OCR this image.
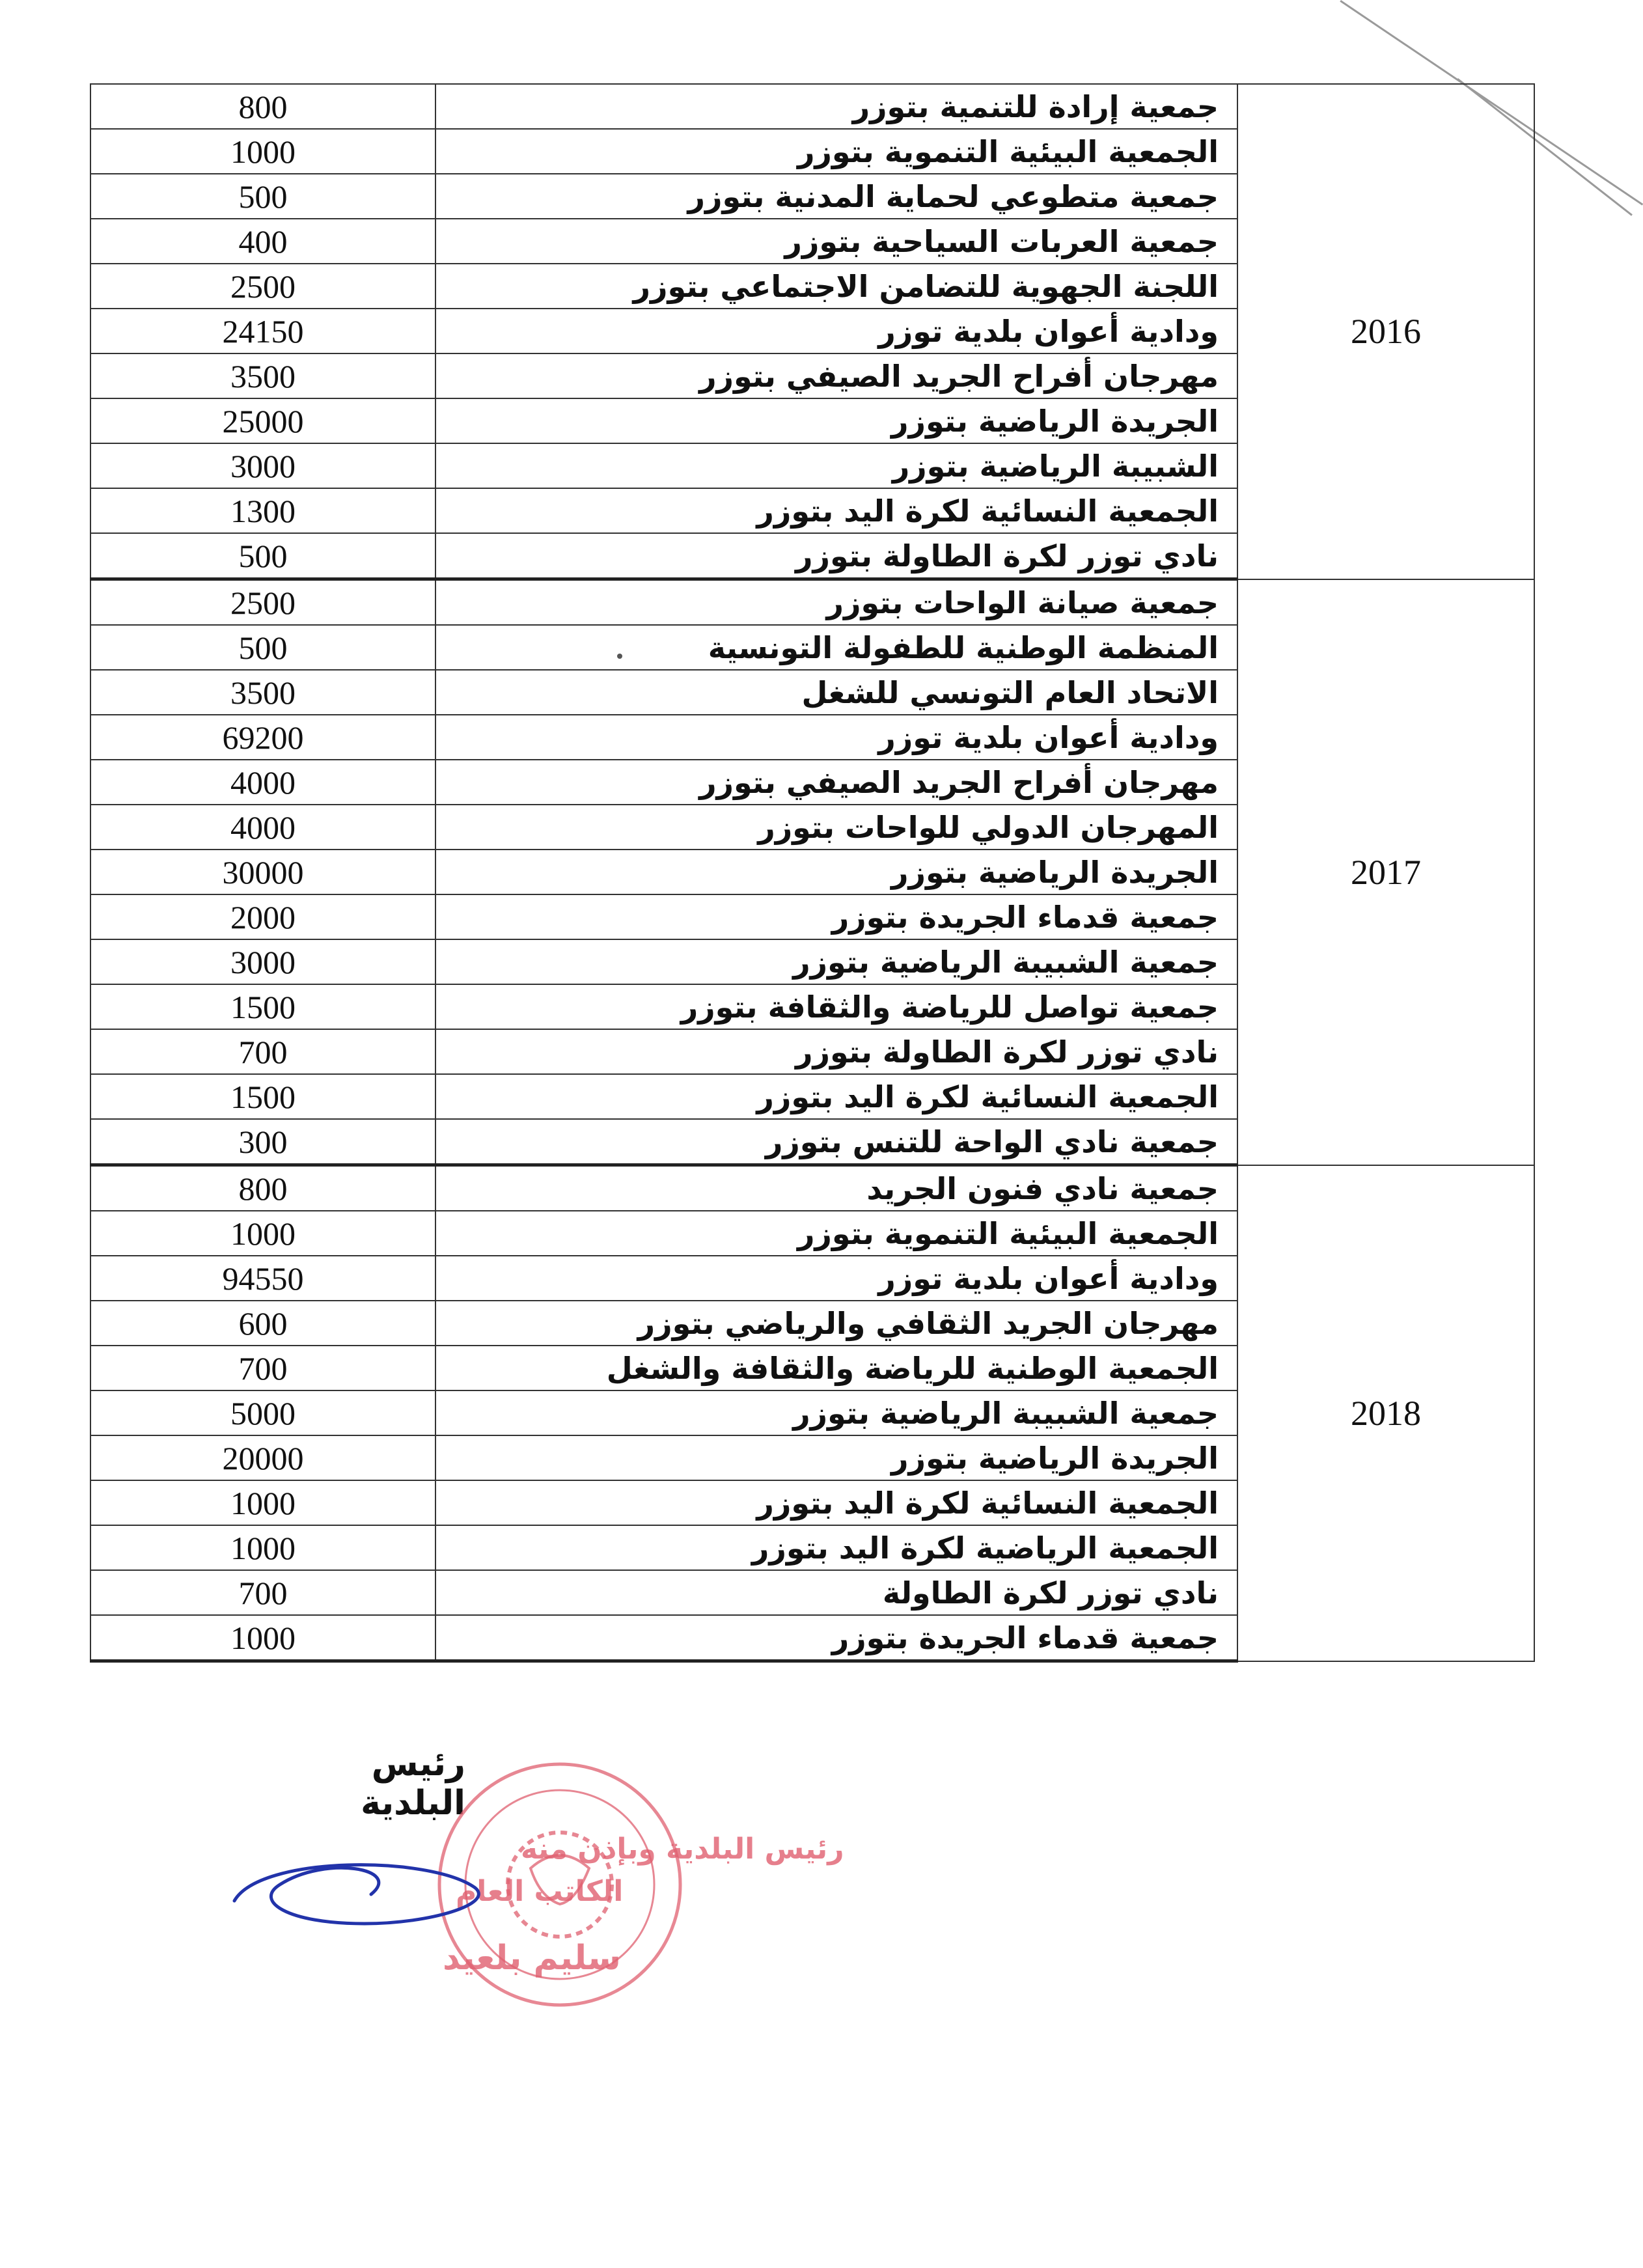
800	جمعية إرادة للتنمية بتوزر	2016
1000	الجمعية البيئية التنموية بتوزر	
500	جمعية متطوعي لحماية المدنية بتوزر	
400	جمعية العربات السياحية بتوزر	
2500	اللجنة الجهوية للتضامن الاجتماعي بتوزر	
24150	ودادية أعوان بلدية توزر	
3500	مهرجان أفراح الجريد الصيفي بتوزر	
25000	الجريدة الرياضية بتوزر	
3000	الشبيبة الرياضية بتوزر	
1300	الجمعية النسائية لكرة اليد بتوزر	
500	نادي توزر لكرة الطاولة بتوزر	
2500	جمعية صيانة الواحات بتوزر	2017
500	المنظمة الوطنية للطفولة التونسية	
3500	الاتحاد العام التونسي للشغل	
69200	ودادية أعوان بلدية توزر	
4000	مهرجان أفراح الجريد الصيفي بتوزر	
4000	المهرجان الدولي للواحات بتوزر	
30000	الجريدة الرياضية بتوزر	
2000	جمعية قدماء الجريدة بتوزر	
3000	جمعية الشبيبة الرياضية بتوزر	
1500	جمعية تواصل للرياضة والثقافة بتوزر	
700	نادي توزر لكرة الطاولة بتوزر	
1500	الجمعية النسائية لكرة اليد بتوزر	
300	جمعية نادي الواحة للتنس بتوزر	
800	جمعية نادي فنون الجريد	2018
1000	الجمعية البيئية التنموية بتوزر	
94550	ودادية أعوان بلدية توزر	
600	مهرجان الجريد الثقافي والرياضي بتوزر	
700	الجمعية الوطنية للرياضة والثقافة والشغل	
5000	جمعية الشبيبة الرياضية بتوزر	
20000	الجريدة الرياضية بتوزر	
1000	الجمعية النسائية لكرة اليد بتوزر	
1000	الجمعية الرياضية لكرة اليد بتوزر	
700	نادي توزر لكرة الطاولة	
1000	جمعية قدماء الجريدة بتوزر	
رئيس البلدية
رئيس البلدية وبإذن منه
الكاتب العام
سليم بلعيد
